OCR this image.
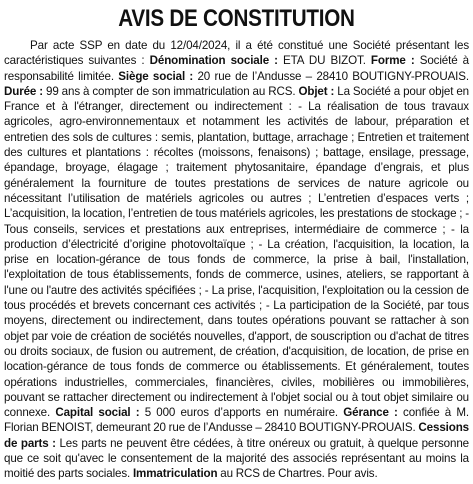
AVIS DE CONSTITUTION

Par acte SSP en date du 12/04/2024, il a été constitué une Société présentant les caractéristiques suivantes : Dénomination sociale : ETA DU BIZOT. Forme : Société à responsabilité limitée. Siège social : 20 rue de l’Andusse – 28410 BOUTIGNY-PROUAIS. Durée : 99 ans à compter de son immatriculation au RCS. Objet : La Société a pour objet en France et à l'étranger, directement ou indirectement : - La réalisation de tous travaux agricoles, agro-environnementaux et notamment les activités de labour, préparation et entretien des sols de cultures : semis, plantation, buttage, arrachage ; Entretien et traitement des cultures et plantations : récoltes (moissons, fenaisons) ; battage, ensilage, pressage, épandage, broyage, élagage ; traitement phytosanitaire, épandage d’engrais, et plus généralement la fourniture de toutes prestations de services de nature agricole ou nécessitant l’utilisation de matériels agricoles ou autres ; L’entretien d’espaces verts ; L’acquisition, la location, l’entretien de tous matériels agricoles, les prestations de stockage ; - Tous conseils, services et prestations aux entreprises, intermédiaire de commerce ; - la production d’électricité d’origine photovoltaïque ; - La création, l'acquisition, la location, la prise en location-gérance de tous fonds de commerce, la prise à bail, l'installation, l'exploitation de tous établissements, fonds de commerce, usines, ateliers, se rapportant à l'une ou l'autre des activités spécifiées ; - La prise, l'acquisition, l'exploitation ou la cession de tous procédés et brevets concernant ces activités ; - La participation de la Société, par tous moyens, directement ou indirectement, dans toutes opérations pouvant se rattacher à son objet par voie de création de sociétés nouvelles, d'apport, de souscription ou d'achat de titres ou droits sociaux, de fusion ou autrement, de création, d'acquisition, de location, de prise en location-gérance de tous fonds de commerce ou établissements. Et généralement, toutes opérations industrielles, commerciales, financières, civiles, mobilières ou immobilières, pouvant se rattacher directement ou indirectement à l'objet social ou à tout objet similaire ou connexe. Capital social : 5 000 euros d’apports en numéraire. Gérance : confiée à M. Florian BENOIST, demeurant 20 rue de l’Andusse – 28410 BOUTIGNY-PROUAIS. Cessions de parts : Les parts ne peuvent être cédées, à titre onéreux ou gratuit, à quelque personne que ce soit qu'avec le consentement de la majorité des associés représentant au moins la moitié des parts sociales. Immatriculation au RCS de Chartres. Pour avis.
